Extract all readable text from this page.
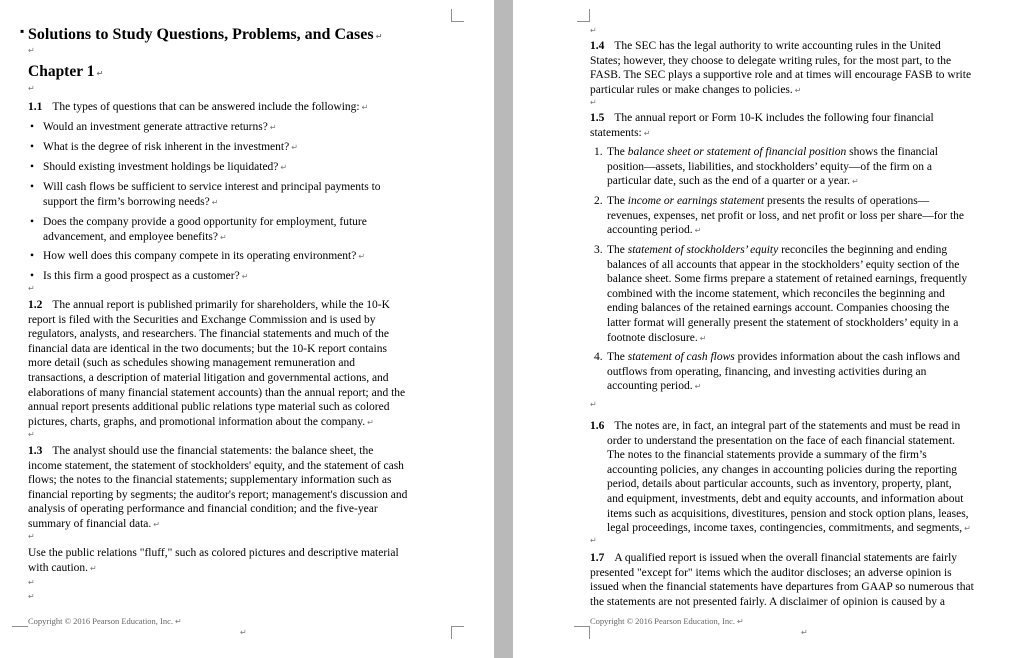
▪ Solutions to Study Questions, Problems, and Cases ↵
↵
Chapter 1 ↵
↵
1.1 The types of questions that can be answered include the following: ↵
• Would an investment generate attractive returns? ↵
• What is the degree of risk inherent in the investment? ↵
• Should existing investment holdings be liquidated? ↵
• Will cash flows be sufficient to service interest and principal payments to
support the firm’s borrowing needs? ↵
• Does the company provide a good opportunity for employment, future
advancement, and employee benefits? ↵
• How well does this company compete in its operating environment? ↵
• Is this firm a good prospect as a customer? ↵
↵
1.2 The annual report is published primarily for shareholders, while the 10-K
report is filed with the Securities and Exchange Commission and is used by
regulators, analysts, and researchers. The financial statements and much of the
financial data are identical in the two documents; but the 10-K report contains
more detail (such as schedules showing management remuneration and
transactions, a description of material litigation and governmental actions, and
elaborations of many financial statement accounts) than the annual report; and the
annual report presents additional public relations type material such as colored
pictures, charts, graphs, and promotional information about the company. ↵
↵
1.3 The analyst should use the financial statements: the balance sheet, the
income statement, the statement of stockholders' equity, and the statement of cash
flows; the notes to the financial statements; supplementary information such as
financial reporting by segments; the auditor's report; management's discussion and
analysis of operating performance and financial condition; and the five-year
summary of financial data. ↵
↵
Use the public relations "fluff," such as colored pictures and descriptive material
with caution. ↵
↵
↵
Copyright © 2016 Pearson Education, Inc. ↵
↵
↵
1.4 The SEC has the legal authority to write accounting rules in the United
States; however, they choose to delegate writing rules, for the most part, to the
FASB. The SEC plays a supportive role and at times will encourage FASB to write
particular rules or make changes to policies. ↵
↵
1.5 The annual report or Form 10-K includes the following four financial
statements: ↵
1. The balance sheet or statement of financial position shows the financial
position—assets, liabilities, and stockholders’ equity—of the firm on a
particular date, such as the end of a quarter or a year. ↵
2. The income or earnings statement presents the results of operations—
revenues, expenses, net profit or loss, and net profit or loss per share—for the
accounting period. ↵
3. The statement of stockholders’ equity reconciles the beginning and ending
balances of all accounts that appear in the stockholders’ equity section of the
balance sheet. Some firms prepare a statement of retained earnings, frequently
combined with the income statement, which reconciles the beginning and
ending balances of the retained earnings account. Companies choosing the
latter format will generally present the statement of stockholders’ equity in a
footnote disclosure. ↵
4. The statement of cash flows provides information about the cash inflows and
outflows from operating, financing, and investing activities during an
accounting period. ↵
↵
1.6 The notes are, in fact, an integral part of the statements and must be read in
order to understand the presentation on the face of each financial statement.
The notes to the financial statements provide a summary of the firm’s
accounting policies, any changes in accounting policies during the reporting
period, details about particular accounts, such as inventory, property, plant,
and equipment, investments, debt and equity accounts, and information about
items such as acquisitions, divestitures, pension and stock option plans, leases,
legal proceedings, income taxes, contingencies, commitments, and segments, ↵
↵
1.7 A qualified report is issued when the overall financial statements are fairly
presented "except for" items which the auditor discloses; an adverse opinion is
issued when the financial statements have departures from GAAP so numerous that
the statements are not presented fairly. A disclaimer of opinion is caused by a
Copyright © 2016 Pearson Education, Inc. ↵
↵
